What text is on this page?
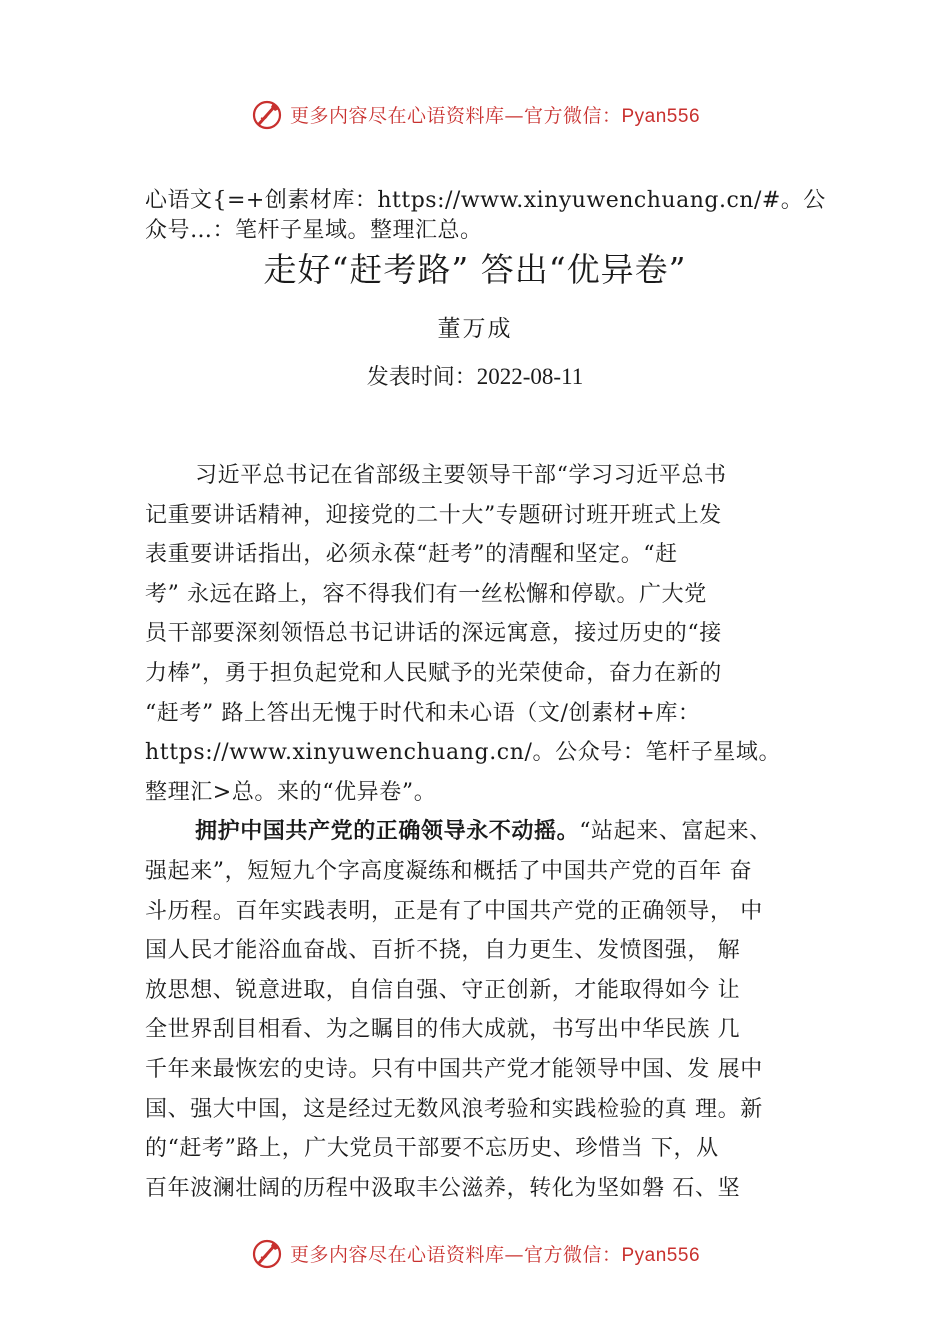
更多内容尽在心语资料库—官方微信：Pyan556
心语文{=+创素材库：https://www.xinyuwenchuang.cn/#。公众号…：笔杆子星域。整理汇总。
走好“赶考路” 答出“优异卷”
董万成
发表时间：2022-08-11
习近平总书记在省部级主要领导干部“学习习近平总书
记重要讲话精神，迎接党的二十大”专题研讨班开班式上发
表重要讲话指出，必须永葆“赶考”的清醒和坚定。“赶
考” 永远在路上，容不得我们有一丝松懈和停歇。广大党
员干部要深刻领悟总书记讲话的深远寓意，接过历史的“接
力棒”，勇于担负起党和人民赋予的光荣使命，奋力在新的
“赶考” 路上答出无愧于时代和未心语（文/创素材+库：
https://www.xinyuwenchuang.cn/。公众号：笔杆子星域。
整理汇>总。来的“优异卷”。
拥护中国共产党的正确领导永不动摇。“站起来、富起来、
强起来”，短短九个字高度凝练和概括了中国共产党的百年 奋
斗历程。百年实践表明，正是有了中国共产党的正确领导， 中
国人民才能浴血奋战、百折不挠，自力更生、发愤图强， 解
放思想、锐意进取，自信自强、守正创新，才能取得如今 让
全世界刮目相看、为之瞩目的伟大成就，书写出中华民族 几
千年来最恢宏的史诗。只有中国共产党才能领导中国、发 展中
国、强大中国，这是经过无数风浪考验和实践检验的真 理。新
的“赶考”路上，广大党员干部要不忘历史、珍惜当 下，从
百年波澜壮阔的历程中汲取丰公滋养，转化为坚如磐 石、坚
更多内容尽在心语资料库—官方微信：Pyan556
